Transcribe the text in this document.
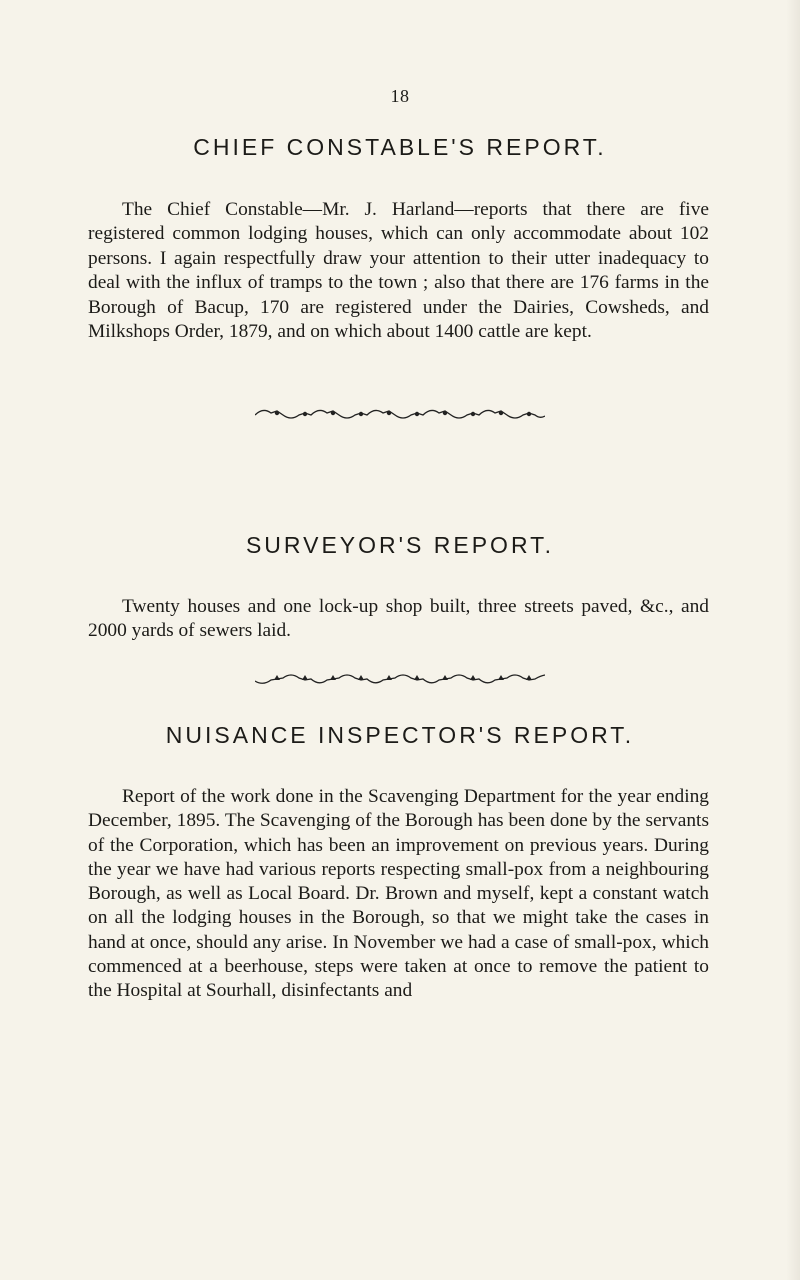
18
CHIEF CONSTABLE'S REPORT.

The Chief Constable—Mr. J. Harland—reports that there are five registered common lodging houses, which can only accommodate about 102 persons. I again respectfully draw your attention to their utter inadequacy to deal with the influx of tramps to the town ; also that there are 176 farms in the Borough of Bacup, 170 are registered under the Dairies, Cowsheds, and Milkshops Order, 1879, and on which about 1400 cattle are kept.

SURVEYOR'S REPORT.

Twenty houses and one lock-up shop built, three streets paved, &c., and 2000 yards of sewers laid.

NUISANCE INSPECTOR'S REPORT.

Report of the work done in the Scavenging Department for the year ending December, 1895. The Scavenging of the Borough has been done by the servants of the Corporation, which has been an improvement on previous years. During the year we have had various reports respecting small-pox from a neighbouring Borough, as well as Local Board. Dr. Brown and myself, kept a constant watch on all the lodging houses in the Borough, so that we might take the cases in hand at once, should any arise. In November we had a case of small-pox, which commenced at a beerhouse, steps were taken at once to remove the patient to the Hospital at Sourhall, disinfectants and
